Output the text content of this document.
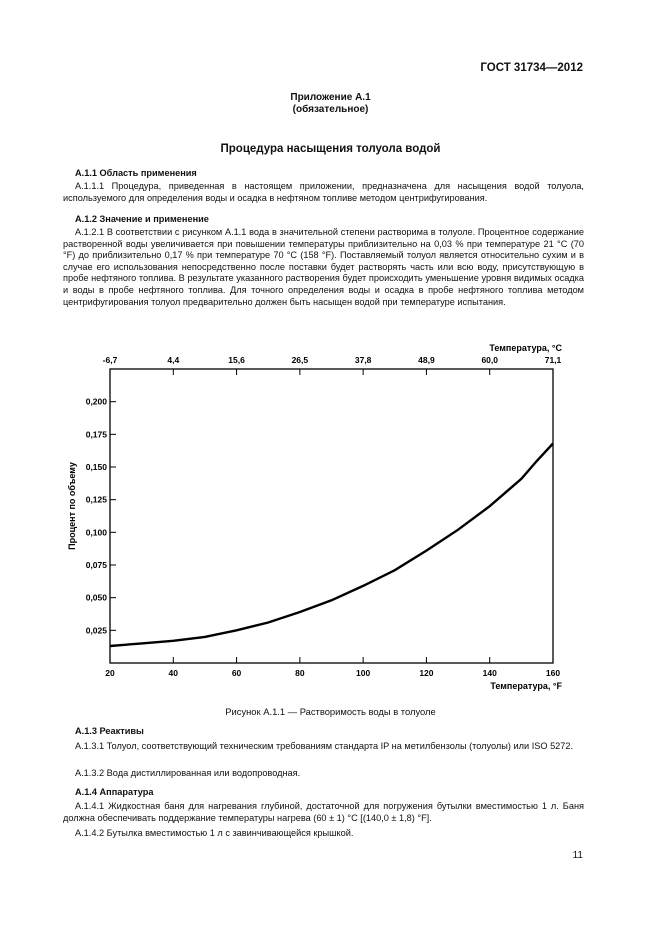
ГОСТ 31734—2012
Приложение А.1
(обязательное)
Процедура насыщения толуола водой
А.1.1 Область применения
А.1.1.1 Процедура, приведенная в настоящем приложении, предназначена для насыщения водой толуола, используемого для определения воды и осадка в нефтяном топливе методом центрифугирования.
А.1.2 Значение и применение
А.1.2.1 В соответствии с рисунком А.1.1 вода в значительной степени растворима в толуоле. Процентное содержание растворенной воды увеличивается при повышении температуры приблизительно на 0,03 % при температуре 21 °С (70 °F) до приблизительно 0,17 % при температуре 70 °С (158 °F). Поставляемый толуол является относительно сухим и в случае его использования непосредственно после поставки будет растворять часть или всю воду, присутствующую в пробе нефтяного топлива. В результате указанного растворения будет происходить уменьшение уровня видимых осадка и воды в пробе нефтяного топлива. Для точного определения воды и осадка в пробе нефтяного топлива методом центрифугирования толуол предварительно должен быть насыщен водой при температуре испытания.
0,025
0,050
0,075
0,100
0,125
0,150
0,175
0,200
20	40	60	80	100	120	140	160
-6,7	4,4	15,6	26,5	37,8	48,9	60,0	71,1
Процент по объему
Температура, °F
Температура, °С
Рисунок А.1.1 — Растворимость воды в толуоле
А.1.3 Реактивы
А.1.3.1 Толуол, соответствующий техническим требованиям стандарта IP на метилбензолы (толуолы) или ISO 5272.
А.1.3.2 Вода дистиллированная или водопроводная.
А.1.4 Аппаратура
А.1.4.1 Жидкостная баня для нагревания глубиной, достаточной для погружения бутылки вместимостью 1 л. Баня должна обеспечивать поддержание температуры нагрева (60 ± 1) °С [(140,0 ± 1,8) °F].
А.1.4.2 Бутылка вместимостью 1 л с завинчивающейся крышкой.
11
